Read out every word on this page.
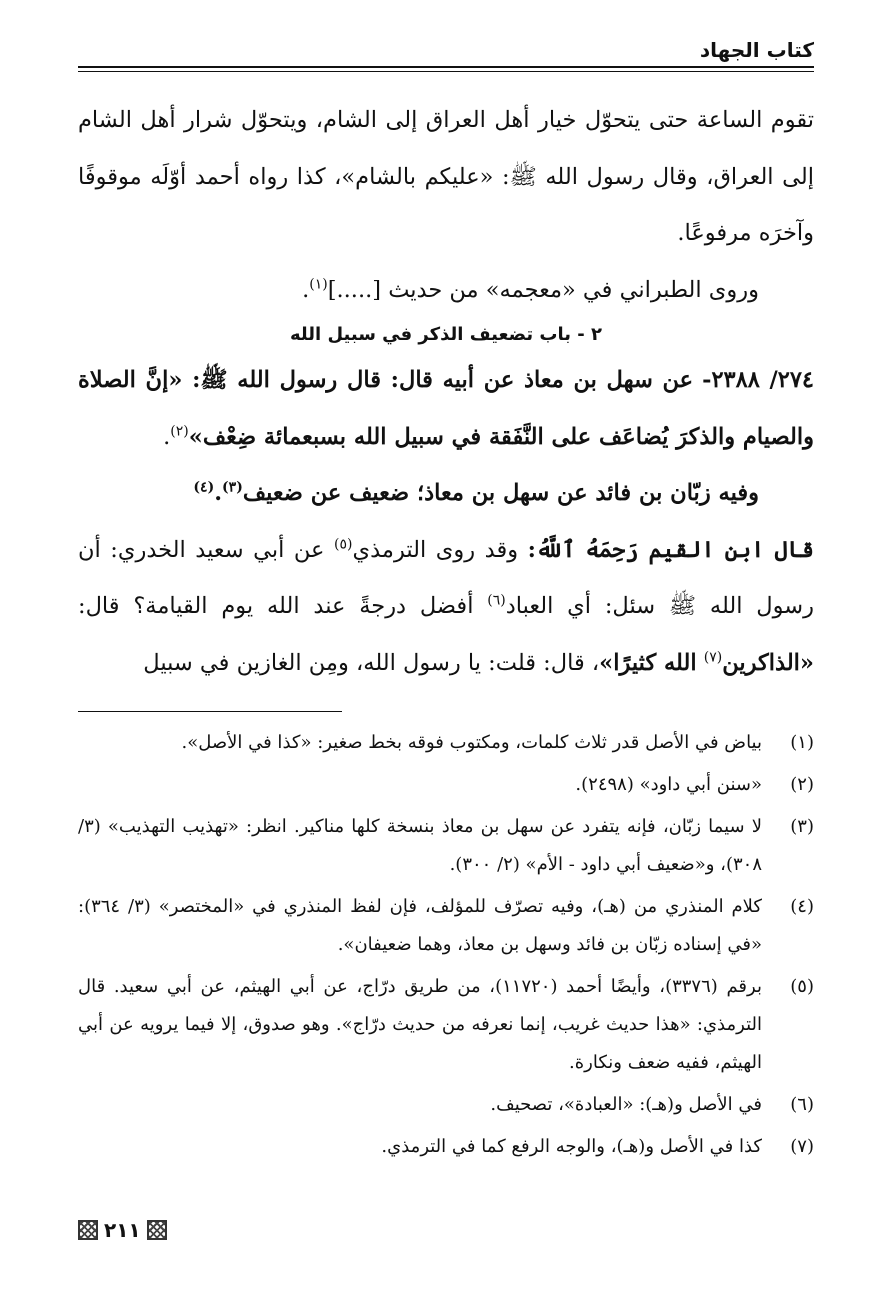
كتاب الجهاد

تقوم الساعة حتى يتحوّل خيار أهل العراق إلى الشام، ويتحوّل شرار أهل الشام إلى العراق، وقال رسول الله ﷺ: «عليكم بالشام»، كذا رواه أحمد أوّلَه موقوفًا وآخرَه مرفوعًا.

وروى الطبراني في «معجمه» من حديث [.....]$^{(١)}$.

٢ - باب تضعيف الذكر في سبيل الله

٢٧٤/ ٢٣٨٨- عن سهل بن معاذ عن أبيه قال: قال رسول الله ﷺ: «إنَّ الصلاة والصيام والذكرَ يُضاعَف على النَّفَقة في سبيل الله بسبعمائة ضِعْف»$^{(٢)}$.

وفيه زبّان بن فائد عن سهل بن معاذ؛ ضعيف عن ضعيف$^{(٣)}$.$^{(٤)}$

قال ابن القيم رَحِمَهُ ٱللَّهُ: وقد روى الترمذي$^{(٥)}$ عن أبي سعيد الخدري: أن رسول الله ﷺ سئل: أي العباد$^{(٦)}$ أفضل درجةً عند الله يوم القيامة؟ قال: «الذاكرين$^{(٧)}$ الله كثيرًا»، قال: قلت: يا رسول الله، ومِن الغازين في سبيل

(١)
بياض في الأصل قدر ثلاث كلمات، ومكتوب فوقه بخط صغير: «كذا في الأصل».
(٢)
«سنن أبي داود» (٢٤٩٨).
(٣)
لا سيما زبّان، فإنه يتفرد عن سهل بن معاذ بنسخة كلها مناكير. انظر: «تهذيب التهذيب» (٣/ ٣٠٨)، و«ضعيف أبي داود - الأم» (٢/ ٣٠٠).
(٤)
كلام المنذري من (هـ)، وفيه تصرّف للمؤلف، فإن لفظ المنذري في «المختصر» (٣/ ٣٦٤): «في إسناده زبّان بن فائد وسهل بن معاذ، وهما ضعيفان».
(٥)
برقم (٣٣٧٦)، وأيضًا أحمد (١١٧٢٠)، من طريق درّاج، عن أبي الهيثم، عن أبي سعيد. قال الترمذي: «هذا حديث غريب، إنما نعرفه من حديث درّاج». وهو صدوق، إلا فيما يرويه عن أبي الهيثم، ففيه ضعف ونكارة.
(٦)
في الأصل و(هـ): «العبادة»، تصحيف.
(٧)
كذا في الأصل و(هـ)، والوجه الرفع كما في الترمذي.
٢١١
